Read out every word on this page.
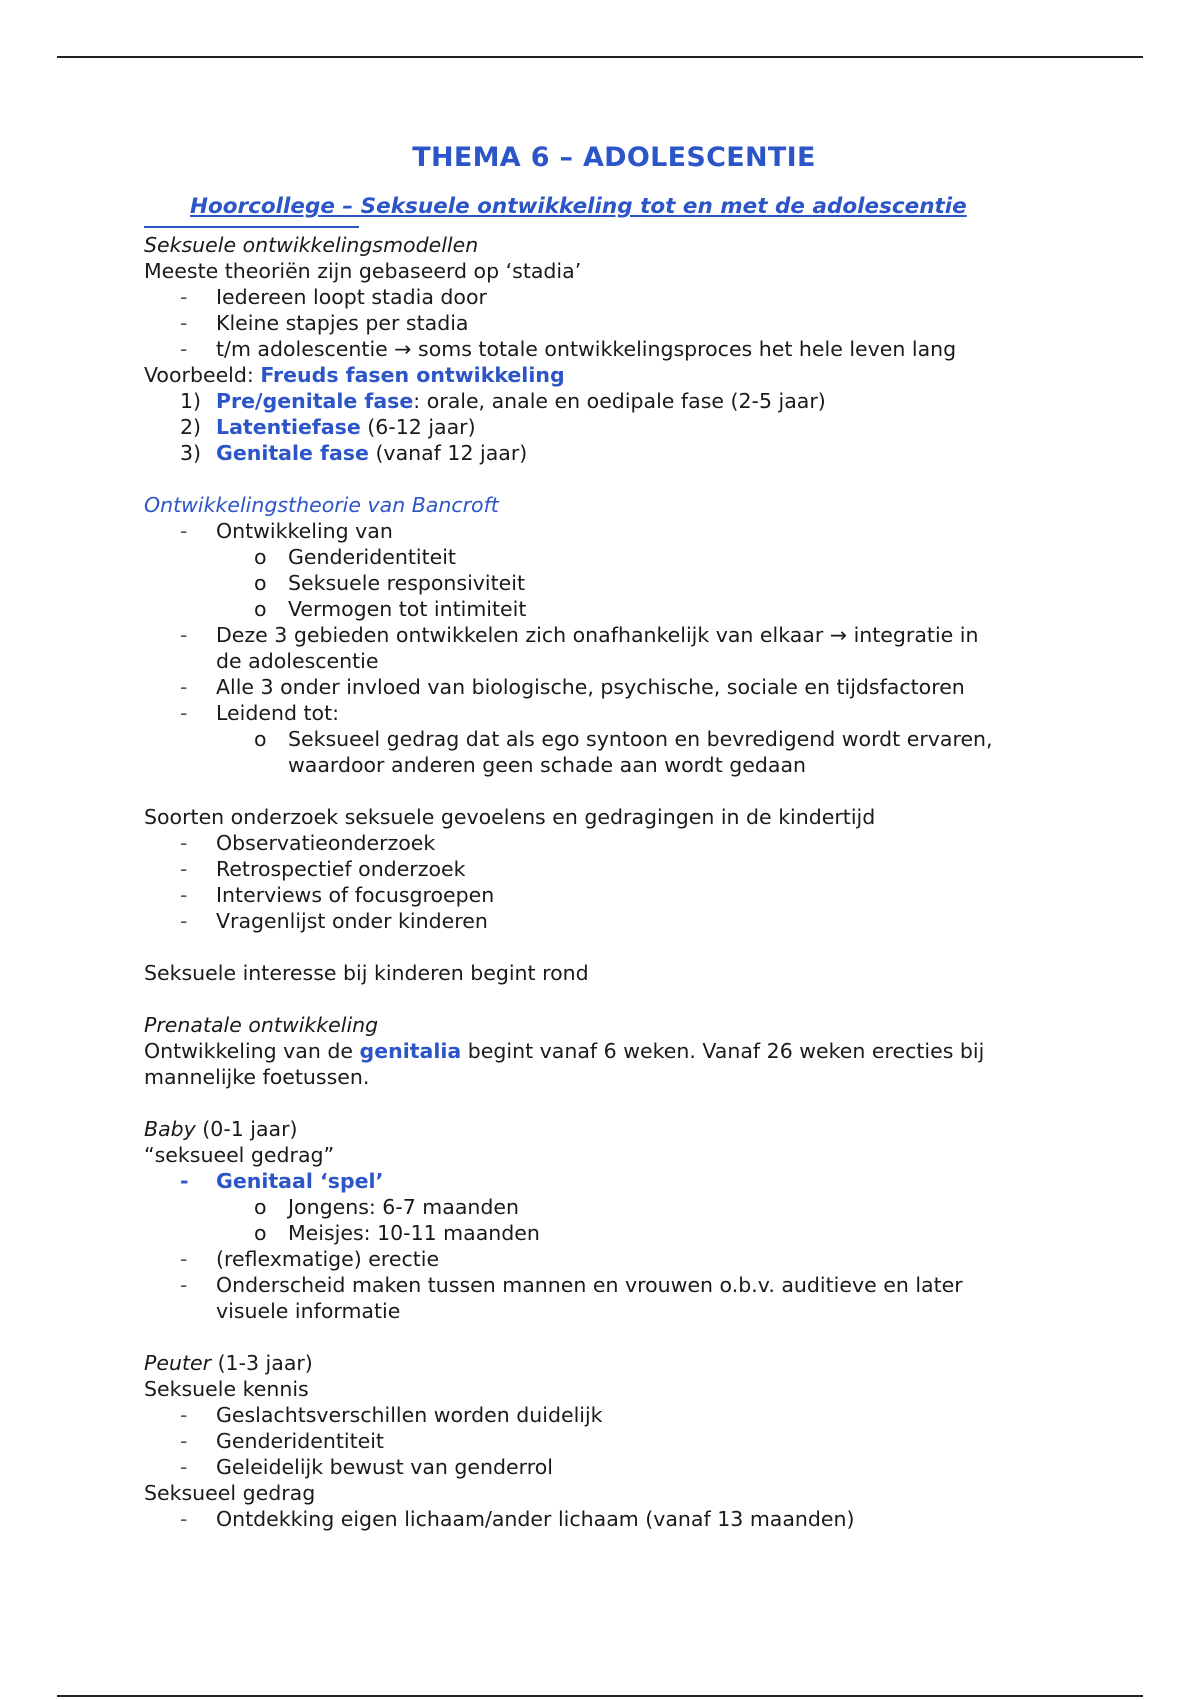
THEMA 6 – ADOLESCENTIE

Hoorcollege – Seksuele ontwikkeling tot en met de adolescentie

Seksuele ontwikkelingsmodellen

Meeste theoriën zijn gebaseerd op ‘stadia’

- Iedereen loopt stadia door
- Kleine stapjes per stadia
- t/m adolescentie → soms totale ontwikkelingsproces het hele leven lang

Voorbeeld: Freuds fasen ontwikkeling

1) Pre/genitale fase: orale, anale en oedipale fase (2-5 jaar)
2) Latentiefase (6-12 jaar)
3) Genitale fase (vanaf 12 jaar)

Ontwikkelingstheorie van Bancroft

- Ontwikkeling van
o Genderidentiteit
o Seksuele responsiviteit
o Vermogen tot intimiteit
- Deze 3 gebieden ontwikkelen zich onafhankelijk van elkaar → integratie in
de adolescentie
- Alle 3 onder invloed van biologische, psychische, sociale en tijdsfactoren
- Leidend tot:
o Seksueel gedrag dat als ego syntoon en bevredigend wordt ervaren,
waardoor anderen geen schade aan wordt gedaan

Soorten onderzoek seksuele gevoelens en gedragingen in de kindertijd

- Observatieonderzoek
- Retrospectief onderzoek
- Interviews of focusgroepen
- Vragenlijst onder kinderen

Seksuele interesse bij kinderen begint rond

Prenatale ontwikkeling

Ontwikkeling van de genitalia begint vanaf 6 weken. Vanaf 26 weken erecties bij
mannelijke foetussen.

Baby (0-1 jaar)

“seksueel gedrag”

- Genitaal ‘spel’
o Jongens: 6-7 maanden
o Meisjes: 10-11 maanden
- (reflexmatige) erectie
- Onderscheid maken tussen mannen en vrouwen o.b.v. auditieve en later
visuele informatie

Peuter (1-3 jaar)

Seksuele kennis

- Geslachtsverschillen worden duidelijk
- Genderidentiteit
- Geleidelijk bewust van genderrol

Seksueel gedrag

- Ontdekking eigen lichaam/ander lichaam (vanaf 13 maanden)
